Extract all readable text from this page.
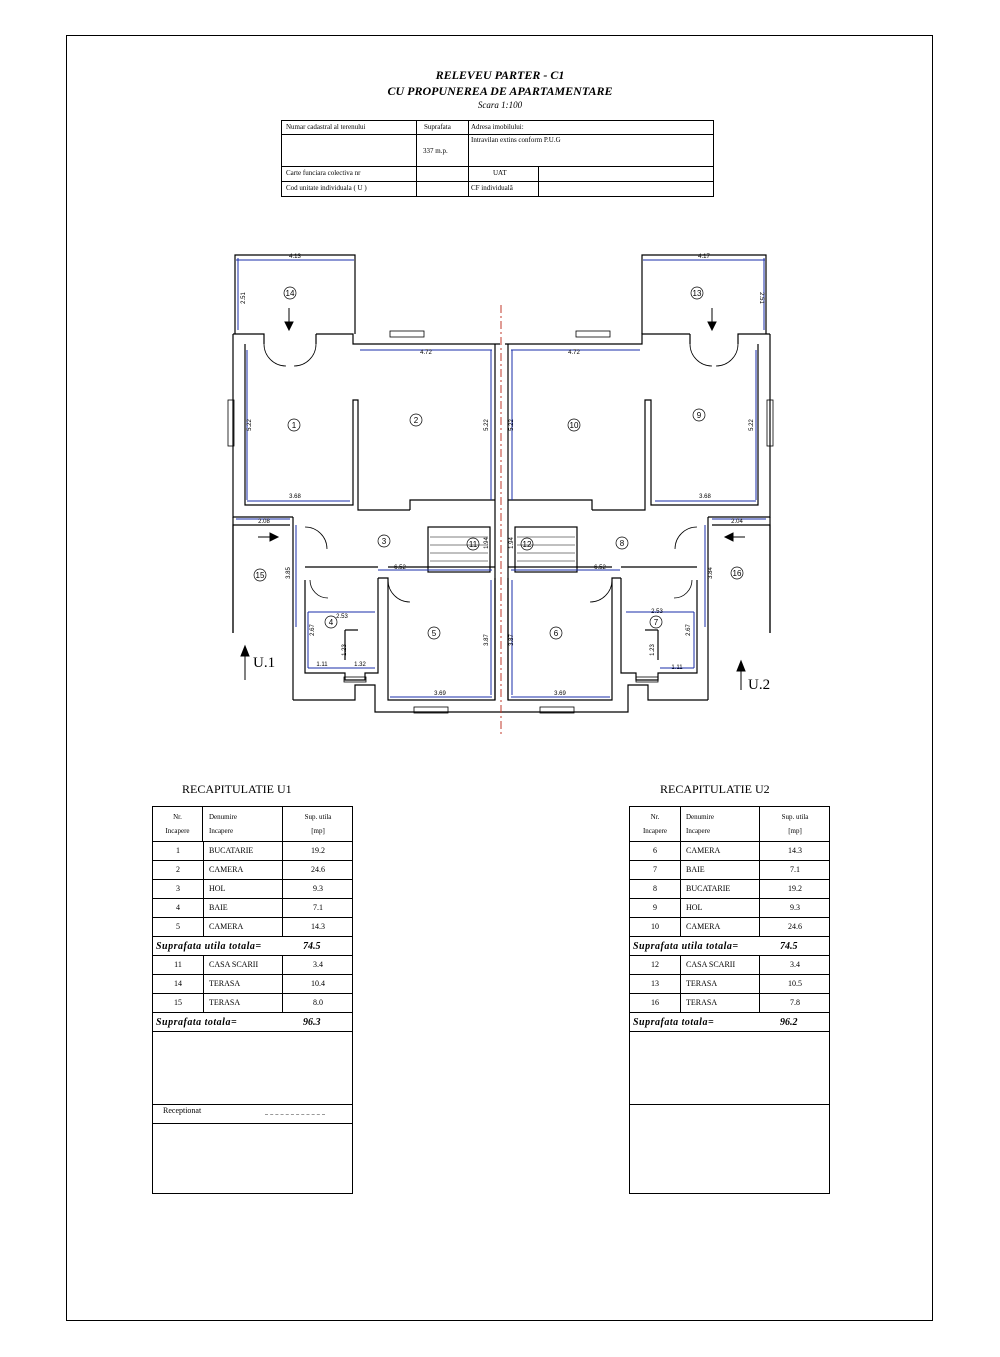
RELEVEU PARTER - C1
CU PROPUNEREA DE APARTAMENTARE
Scara 1:100
Numar cadastral al terenului	Suprafata	Adresa imobilului:
Intravilan extins conform P.U.G
337 m.p.
Carte funciara colectiva nr	UAT
Cod unitate individuala ( U )	CF individuală
1
2
3
4
5	6
7
8
9
10
11	12
13
14
15	16
4.13	4.17
2.51	2.51
4.72	4.72
5.22	5.22	5.22	5.22
3.68	3.68
2.08	2.04
1.94	1.94
3.85	3.84
6.52	6.52
2.53
2.53
2.67	2.67
1.23	1.23
1.11	1.32	1.11
3.87	3.87
3.69	3.69
U.1
U.2
RECAPITULATIE U1
Nr.
Incapere
Denumire
Incapere
Sup. utila
[mp]
1	BUCATARIE	19.2
2	CAMERA	24.6
3	HOL	9.3
4	BAIE	7.1
5	CAMERA	14.3
Suprafata utila totala=	74.5
11	CASA SCARII	3.4
14	TERASA	10.4
15	TERASA	8.0
Suprafata totala=	96.3
Receptionat
RECAPITULATIE U2
Nr.
Incapere
Denumire
Incapere
Sup. utila
[mp]
6	CAMERA	14.3
7	BAIE	7.1
8	BUCATARIE	19.2
9	HOL	9.3
10	CAMERA	24.6
Suprafata utila totala=	74.5
12	CASA SCARII	3.4
13	TERASA	10.5
16	TERASA	7.8
Suprafata totala=	96.2
